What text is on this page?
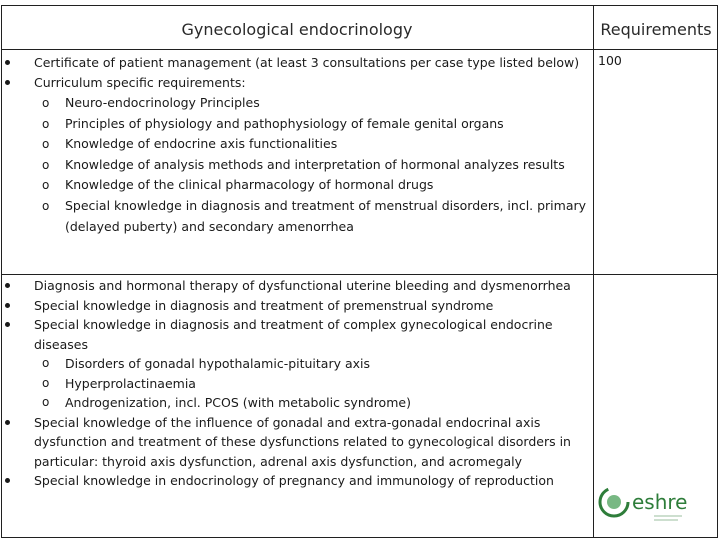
Gynecological endocrinology	Requirements
Certificate of patient management (at least 3 consultations per case type listed below)
Curriculum specific requirements:
o Neuro-endocrinology Principles
o Principles of physiology and pathophysiology of female genital organs
o Knowledge of endocrine axis functionalities
o Knowledge of analysis methods and interpretation of hormonal analyzes results
o Knowledge of the clinical pharmacology of hormonal drugs
o Special knowledge in diagnosis and treatment of menstrual disorders, incl. primary (delayed puberty) and secondary amenorrhea
100
Diagnosis and hormonal therapy of dysfunctional uterine bleeding and dysmenorrhea
Special knowledge in diagnosis and treatment of premenstrual syndrome
Special knowledge in diagnosis and treatment of complex gynecological endocrine diseases
o Disorders of gonadal hypothalamic-pituitary axis
o Hyperprolactinaemia
o Androgenization, incl. PCOS (with metabolic syndrome)
Special knowledge of the influence of gonadal and extra-gonadal endocrinal axis dysfunction and treatment of these dysfunctions related to gynecological disorders in particular: thyroid axis dysfunction, adrenal axis dysfunction, and acromegaly
Special knowledge in endocrinology of pregnancy and immunology of reproduction
eshre
